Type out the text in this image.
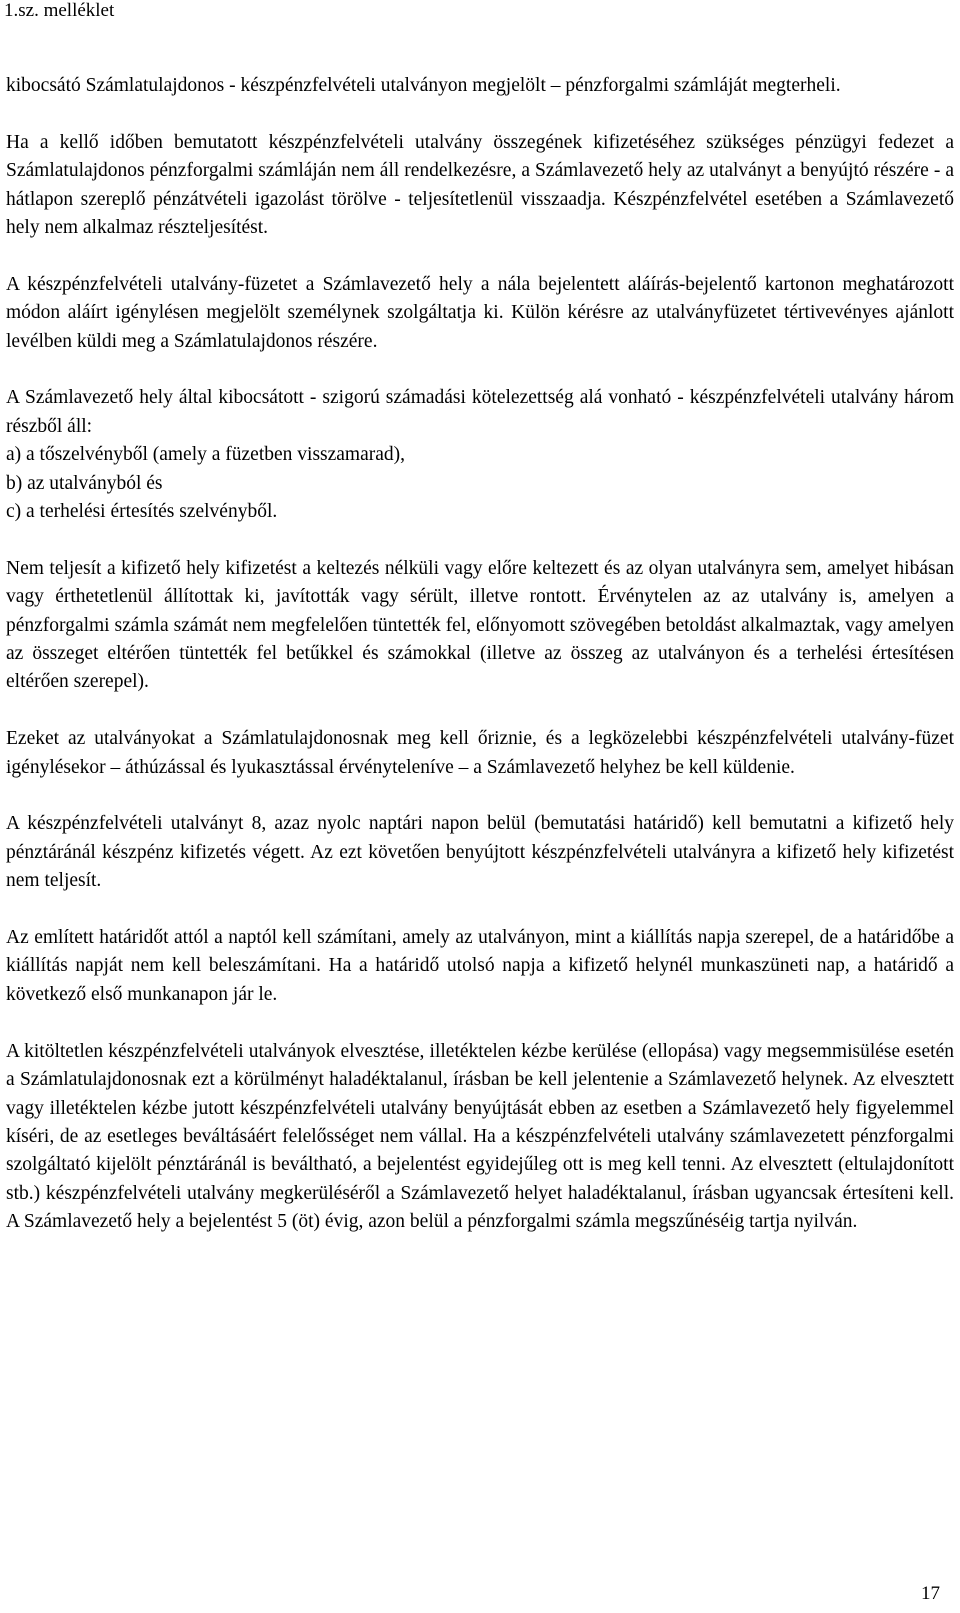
1.sz. melléklet

kibocsátó Számlatulajdonos - készpénzfelvételi utalványon megjelölt – pénzforgalmi számláját megterheli.

Ha a kellő időben bemutatott készpénzfelvételi utalvány összegének kifizetéséhez szükséges pénzügyi fedezet a Számlatulajdonos pénzforgalmi számláján nem áll rendelkezésre, a Számlavezető hely az utalványt a benyújtó részére - a hátlapon szereplő pénzátvételi igazolást törölve - teljesítetlenül visszaadja. Készpénzfelvétel esetében a Számlavezető hely nem alkalmaz részteljesítést.

A készpénzfelvételi utalvány-füzetet a Számlavezető hely a nála bejelentett aláírás-bejelentő kartonon meghatározott módon aláírt igénylésen megjelölt személynek szolgáltatja ki. Külön kérésre az utalványfüzetet tértivevényes ajánlott levélben küldi meg a Számlatulajdonos részére.

A Számlavezető hely által kibocsátott - szigorú számadási kötelezettség alá vonható - készpénzfelvételi utalvány három részből áll:
a) a tőszelvényből (amely a füzetben visszamarad),
b) az utalványból és
c) a terhelési értesítés szelvényből.

Nem teljesít a kifizető hely kifizetést a keltezés nélküli vagy előre keltezett és az olyan utalványra sem, amelyet hibásan vagy érthetetlenül állítottak ki, javították vagy sérült, illetve rontott. Érvénytelen az az utalvány is, amelyen a pénzforgalmi számla számát nem megfelelően tüntették fel, előnyomott szövegében betoldást alkalmaztak, vagy amelyen az összeget eltérően tüntették fel betűkkel és számokkal (illetve az összeg az utalványon és a terhelési értesítésen eltérően szerepel).

Ezeket az utalványokat a Számlatulajdonosnak meg kell őriznie, és a legközelebbi készpénzfelvételi utalvány-füzet igénylésekor – áthúzással és lyukasztással érvényteleníve – a Számlavezető helyhez be kell küldenie.

A készpénzfelvételi utalványt 8, azaz nyolc naptári napon belül (bemutatási határidő) kell bemutatni a kifizető hely pénztáránál készpénz kifizetés végett. Az ezt követően benyújtott készpénzfelvételi utalványra a kifizető hely kifizetést nem teljesít.

Az említett határidőt attól a naptól kell számítani, amely az utalványon, mint a kiállítás napja szerepel, de a határidőbe a kiállítás napját nem kell beleszámítani. Ha a határidő utolsó napja a kifizető helynél munkaszüneti nap, a határidő a következő első munkanapon jár le.

A kitöltetlen készpénzfelvételi utalványok elvesztése, illetéktelen kézbe kerülése (ellopása) vagy megsemmisülése esetén a Számlatulajdonosnak ezt a körülményt haladéktalanul, írásban be kell jelentenie a Számlavezető helynek. Az elvesztett vagy illetéktelen kézbe jutott készpénzfelvételi utalvány benyújtását ebben az esetben a Számlavezető hely figyelemmel kíséri, de az esetleges beváltásáért felelősséget nem vállal. Ha a készpénzfelvételi utalvány számlavezetett pénzforgalmi szolgáltató kijelölt pénztáránál is beváltható, a bejelentést egyidejűleg ott is meg kell tenni. Az elvesztett (eltulajdonított stb.) készpénzfelvételi utalvány megkerüléséről a Számlavezető helyet haladéktalanul, írásban ugyancsak értesíteni kell. A Számlavezető hely a bejelentést 5 (öt) évig, azon belül a pénzforgalmi számla megszűnéséig tartja nyilván.

17
